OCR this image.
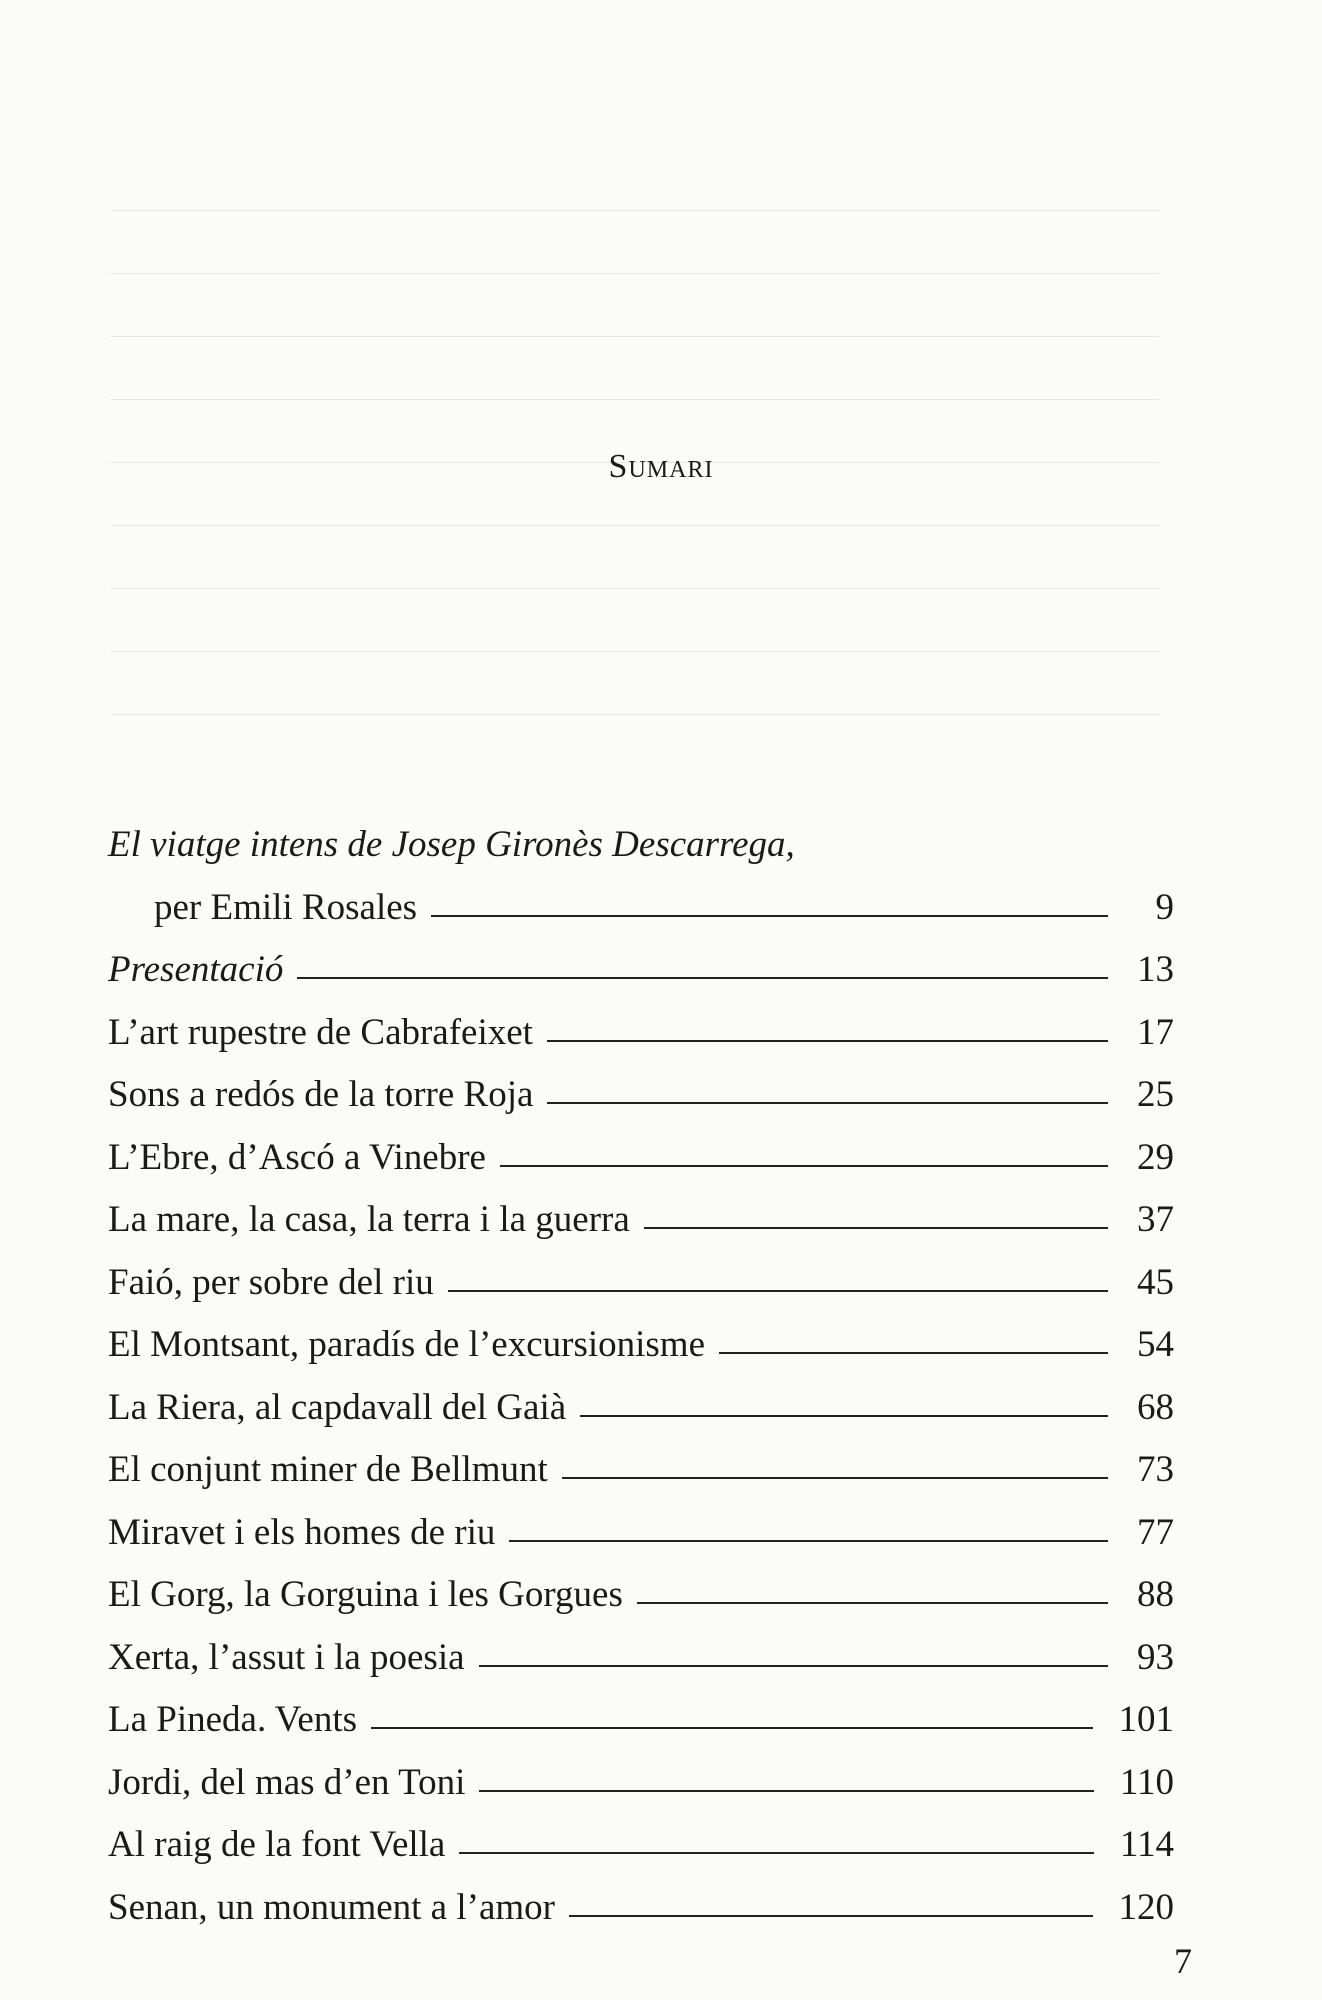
Sumari
El viatge intens de Josep Gironès Descarrega,
per Emili Rosales	9
Presentació	13
L’art rupestre de Cabrafeixet	17
Sons a redós de la torre Roja	25
L’Ebre, d’Ascó a Vinebre	29
La mare, la casa, la terra i la guerra	37
Faió, per sobre del riu	45
El Montsant, paradís de l’excursionisme	54
La Riera, al capdavall del Gaià	68
El conjunt miner de Bellmunt	73
Miravet i els homes de riu	77
El Gorg, la Gorguina i les Gorgues	88
Xerta, l’assut i la poesia	93
La Pineda. Vents	101
Jordi, del mas d’en Toni	110
Al raig de la font Vella	114
Senan, un monument a l’amor	120
7
